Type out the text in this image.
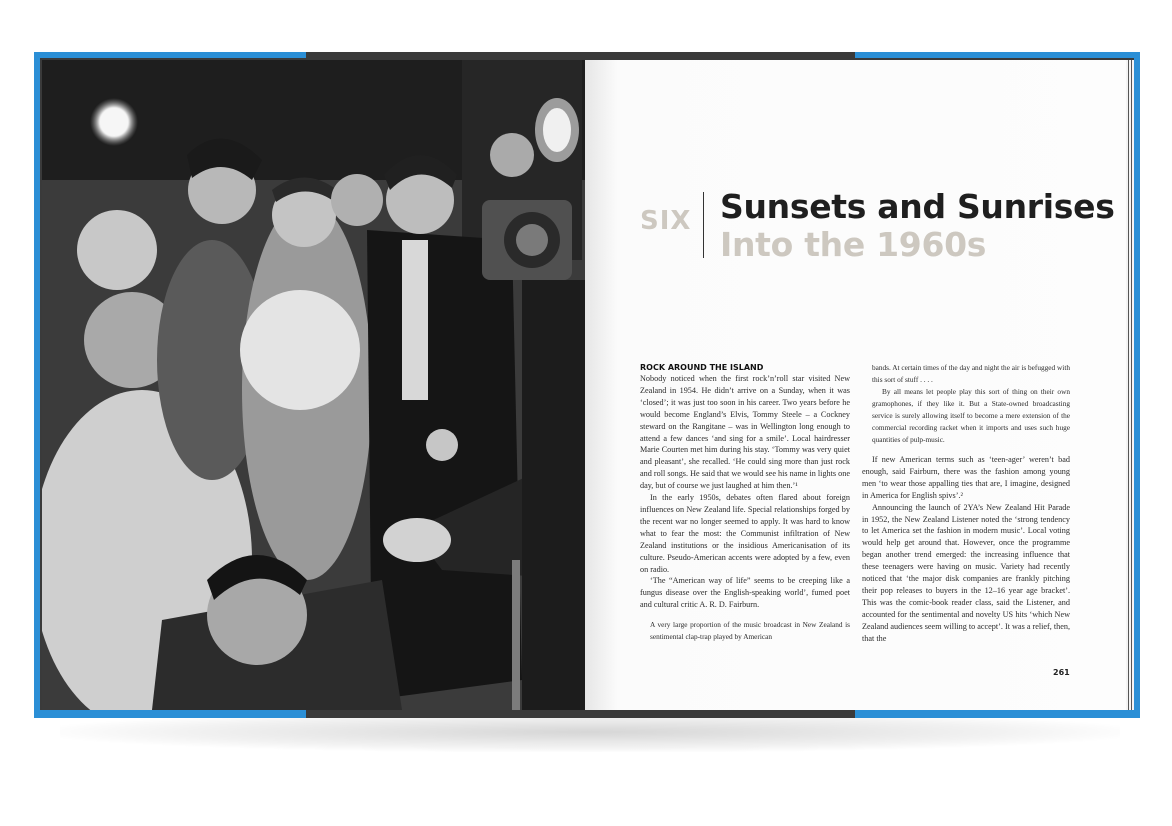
SIX Sunsets and Sunrises
Into the 1960s
ROCK AROUND THE ISLAND

Nobody noticed when the first rock’n’roll star visited New Zealand in 1954. He didn’t arrive on a Sunday, when it was ‘closed’; it was just too soon in his career. Two years before he would become England’s Elvis, Tommy Steele – a Cockney steward on the Rangitane – was in Wellington long enough to attend a few dances ‘and sing for a smile’. Local hairdresser Marie Courten met him during his stay. ‘Tommy was very quiet and pleasant’, she recalled. ‘He could sing more than just rock and roll songs. He said that we would see his name in lights one day, but of course we just laughed at him then.’¹

In the early 1950s, debates often flared about foreign influences on New Zealand life. Special relationships forged by the recent war no longer seemed to apply. It was hard to know what to fear the most: the Communist infiltration of New Zealand institutions or the insidious Americanisation of its culture. Pseudo-American accents were adopted by a few, even on radio.

‘The “American way of life” seems to be creeping like a fungus disease over the English-speaking world’, fumed poet and cultural critic A. R. D. Fairburn.

A very large proportion of the music broadcast in New Zealand is sentimental clap-trap played by American

bands. At certain times of the day and night the air is befugged with this sort of stuff . . . .

By all means let people play this sort of thing on their own gramophones, if they like it. But a State-owned broadcasting service is surely allowing itself to become a mere extension of the commercial recording racket when it imports and uses such huge quantities of pulp-music.

If new American terms such as ‘teen-ager’ weren’t bad enough, said Fairburn, there was the fashion among young men ‘to wear those appalling ties that are, I imagine, designed in America for English spivs’.²

Announcing the launch of 2YA’s New Zealand Hit Parade in 1952, the New Zealand Listener noted the ‘strong tendency to let America set the fashion in modern music’. Local voting would help get around that. However, once the programme began another trend emerged: the increasing influence that these teenagers were having on music. Variety had recently noticed that ‘the major disk companies are frankly pitching their pop releases to buyers in the 12–16 year age bracket’. This was the comic-book reader class, said the Listener, and accounted for the sentimental and novelty US hits ‘which New Zealand audiences seem willing to accept’. It was a relief, then, that the

261
